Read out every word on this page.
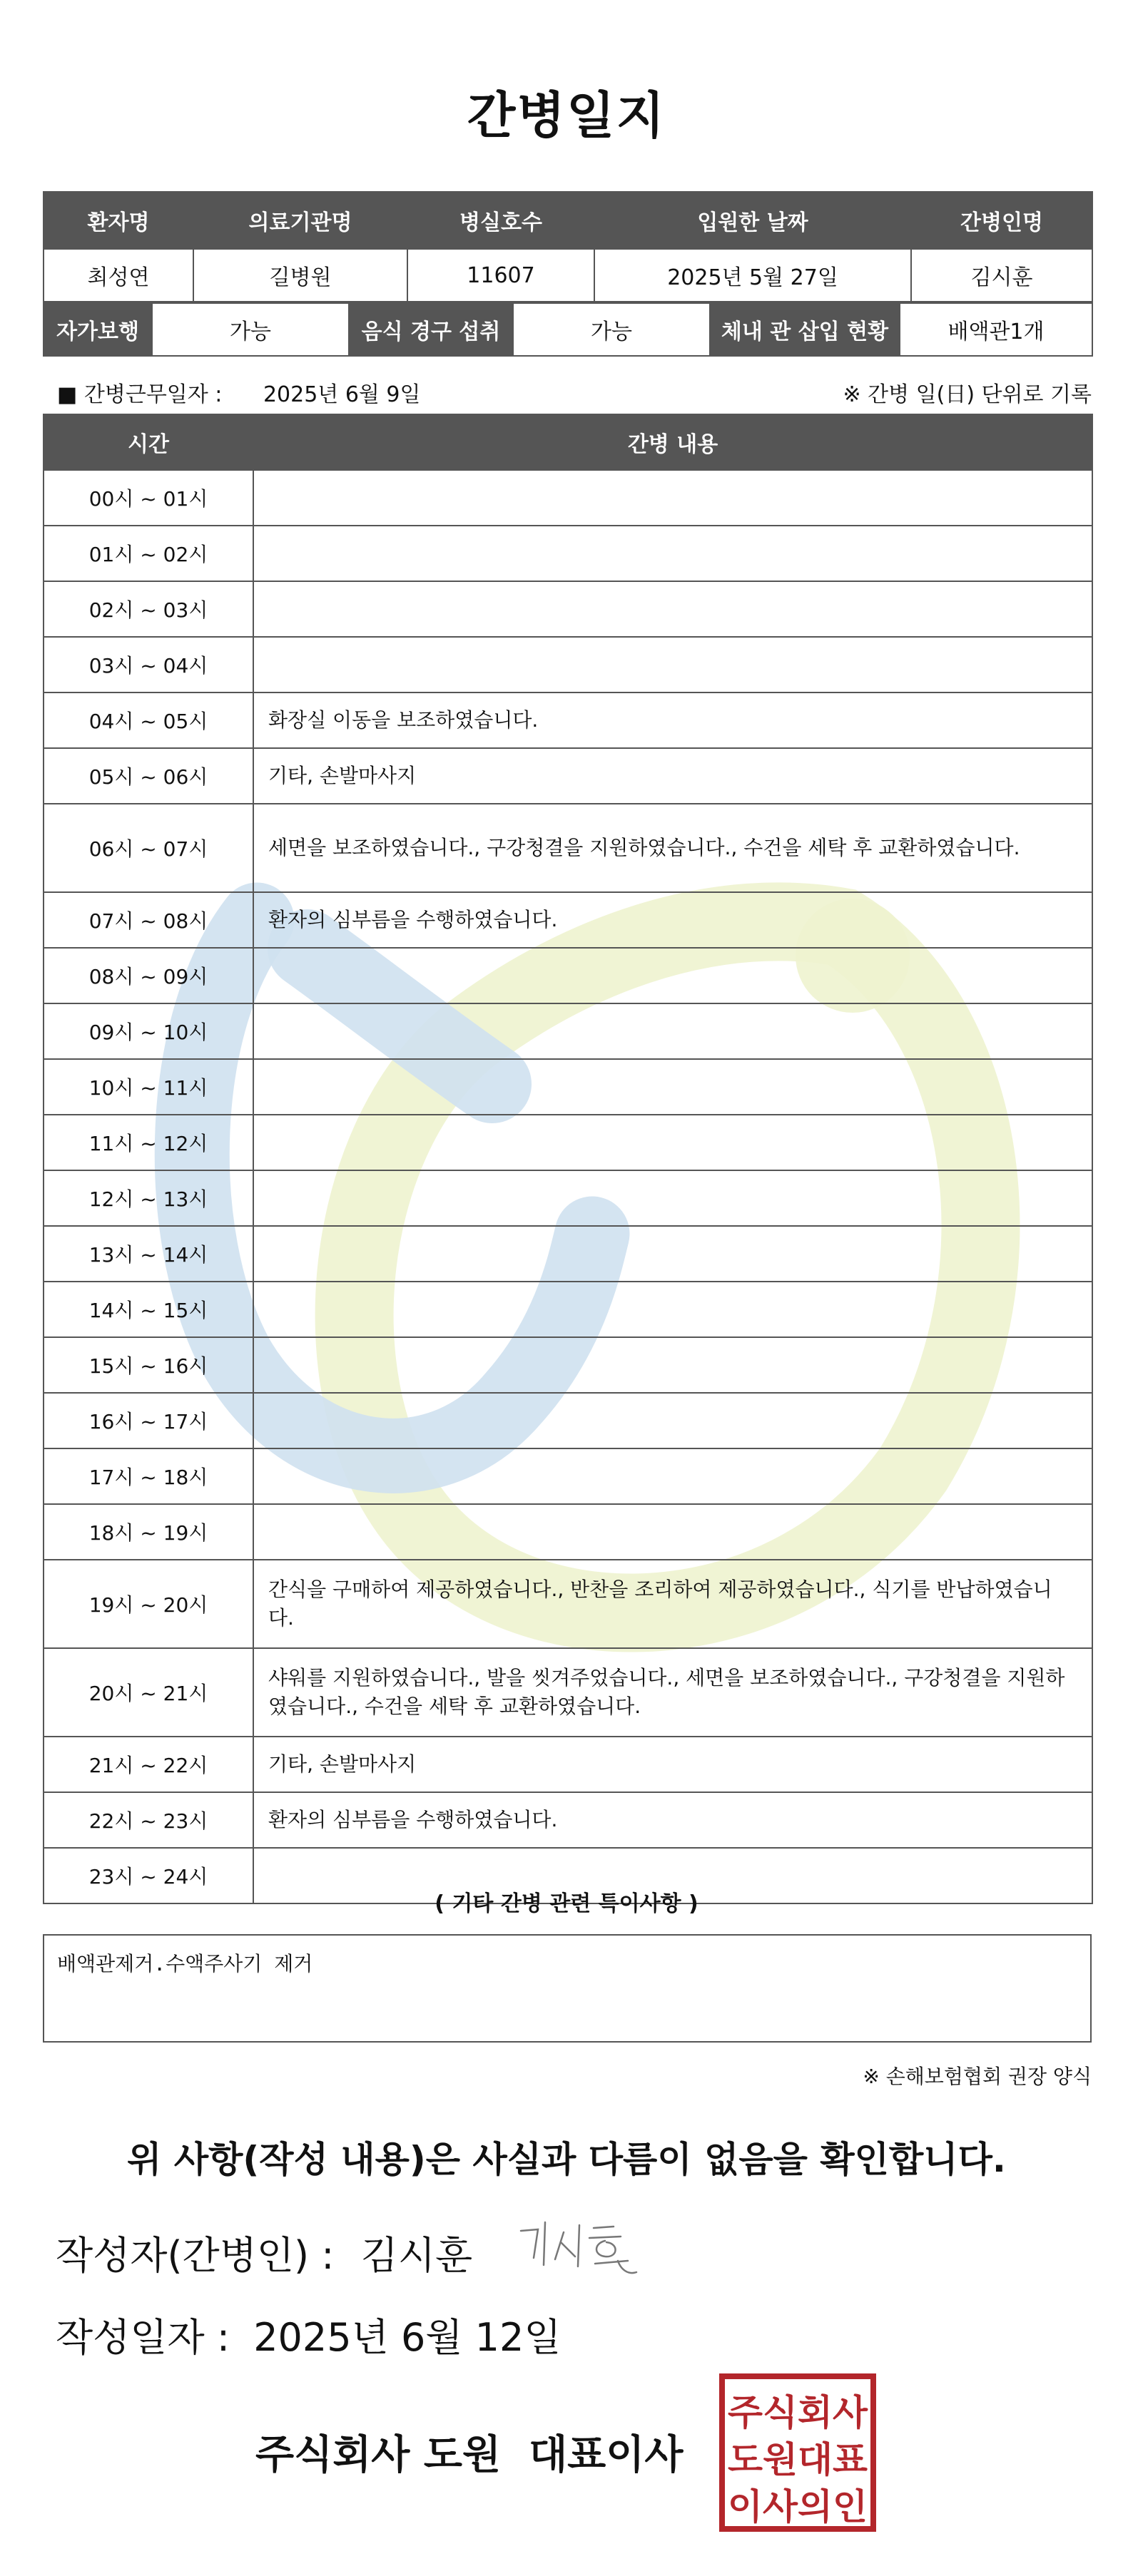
간병일지
환자명	의료기관명	병실호수	입원한 날짜	간병인명
최성연	길병원	11607	2025년 5월 27일	김시훈
자가보행	가능	음식 경구 섭취	가능	체내 관 삽입 현황	배액관1개
■ 간병근무일자 : 2025년 6월 9일	※ 간병 일(日) 단위로 기록
시간	간병 내용
00시 ~ 01시	
01시 ~ 02시	
02시 ~ 03시	
03시 ~ 04시	
04시 ~ 05시	화장실 이동을 보조하였습니다.
05시 ~ 06시	기타, 손발마사지
06시 ~ 07시	세면을 보조하였습니다., 구강청결을 지원하였습니다., 수건을 세탁 후 교환하였습니다.
07시 ~ 08시	환자의 심부름을 수행하였습니다.
08시 ~ 09시	
09시 ~ 10시	
10시 ~ 11시	
11시 ~ 12시	
12시 ~ 13시	
13시 ~ 14시	
14시 ~ 15시	
15시 ~ 16시	
16시 ~ 17시	
17시 ~ 18시	
18시 ~ 19시	
19시 ~ 20시	간식을 구매하여 제공하였습니다., 반찬을 조리하여 제공하였습니다., 식기를 반납하였습니다.
20시 ~ 21시	샤워를 지원하였습니다., 발을 씻겨주었습니다., 세면을 보조하였습니다., 구강청결을 지원하였습니다., 수건을 세탁 후 교환하였습니다.
21시 ~ 22시	기타, 손발마사지
22시 ~ 23시	환자의 심부름을 수행하였습니다.
23시 ~ 24시	
( 기타 간병 관련 특이사항 )
배액관제거.수액주사기 제거
※ 손해보험협회 권장 양식
위 사항(작성 내용)은 사실과 다름이 없음을 확인합니다.
작성자(간병인) : 김시훈
작성일자 : 2025년 6월 12일
주식회사 도원  대표이사
주식회사
도원대표
이사의인
